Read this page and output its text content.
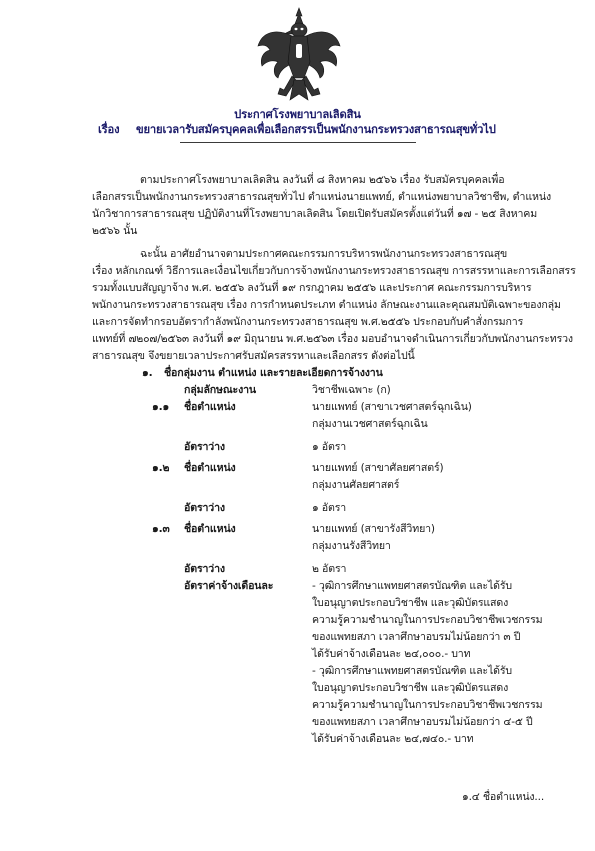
ประกาศโรงพยาบาลเลิดสิน
เรื่อง ขยายเวลารับสมัครบุคคลเพื่อเลือกสรรเป็นพนักงานกระทรวงสาธารณสุขทั่วไป
ตามประกาศโรงพยาบาลเลิดสิน ลงวันที่ ๘ สิงหาคม ๒๕๖๖ เรื่อง รับสมัครบุคคลเพื่อ
เลือกสรรเป็นพนักงานกระทรวงสาธารณสุขทั่วไป ตำแหน่งนายแพทย์, ตำแหน่งพยาบาลวิชาชีพ, ตำแหน่ง
นักวิชาการสาธารณสุข ปฏิบัติงานที่โรงพยาบาลเลิดสิน โดยเปิดรับสมัครตั้งแต่วันที่ ๑๗ - ๒๕ สิงหาคม
๒๕๖๖ นั้น
ฉะนั้น อาศัยอำนาจตามประกาศคณะกรรมการบริหารพนักงานกระทรวงสาธารณสุข
เรื่อง หลักเกณฑ์ วิธีการและเงื่อนไขเกี่ยวกับการจ้างพนักงานกระทรวงสาธารณสุข การสรรหาและการเลือกสรร
รวมทั้งแบบสัญญาจ้าง พ.ศ. ๒๕๕๖ ลงวันที่ ๑๙ กรกฎาคม ๒๕๕๖ และประกาศ คณะกรรมการบริหาร
พนักงานกระทรวงสาธารณสุข เรื่อง การกำหนดประเภท ตำแหน่ง ลักษณะงานและคุณสมบัติเฉพาะของกลุ่ม
และการจัดทำกรอบอัตรากำลังพนักงานกระทรวงสาธารณสุข พ.ศ.๒๕๕๖ ประกอบกับคำสั่งกรมการ
แพทย์ที่ ๗๒๐๗/๒๕๖๓ ลงวันที่ ๑๙ มิถุนายน พ.ศ.๒๕๖๓ เรื่อง มอบอำนาจดำเนินการเกี่ยวกับพนักงานกระทรวง
สาธารณสุข จึงขยายเวลาประกาศรับสมัครสรรหาและเลือกสรร ดังต่อไปนี้
๑. ชื่อกลุ่มงาน ตำแหน่ง และรายละเอียดการจ้างงาน
กลุ่มลักษณะงาน	วิชาชีพเฉพาะ (ก)
๑.๑ ชื่อตำแหน่ง	นายแพทย์ (สาขาเวชศาสตร์ฉุกเฉิน)
กลุ่มงานเวชศาสตร์ฉุกเฉิน
อัตราว่าง	๑ อัตรา
๑.๒ ชื่อตำแหน่ง	นายแพทย์ (สาขาศัลยศาสตร์)
กลุ่มงานศัลยศาสตร์
อัตราว่าง	๑ อัตรา
๑.๓ ชื่อตำแหน่ง	นายแพทย์ (สาขารังสีวิทยา)
กลุ่มงานรังสีวิทยา
อัตราว่าง	๒ อัตรา
อัตราค่าจ้างเดือนละ	- วุฒิการศึกษาแพทยศาสตรบัณฑิต และได้รับ
ใบอนุญาตประกอบวิชาชีพ และวุฒิบัตรแสดง
ความรู้ความชำนาญในการประกอบวิชาชีพเวชกรรม
ของแพทยสภา เวลาศึกษาอบรมไม่น้อยกว่า ๓ ปี
ได้รับค่าจ้างเดือนละ ๒๔,๐๐๐.- บาท
- วุฒิการศึกษาแพทยศาสตรบัณฑิต และได้รับ
ใบอนุญาตประกอบวิชาชีพ และวุฒิบัตรแสดง
ความรู้ความชำนาญในการประกอบวิชาชีพเวชกรรม
ของแพทยสภา เวลาศึกษาอบรมไม่น้อยกว่า ๔-๕ ปี
ได้รับค่าจ้างเดือนละ ๒๔,๗๔๐.- บาท
๑.๔ ชื่อตำแหน่ง...
